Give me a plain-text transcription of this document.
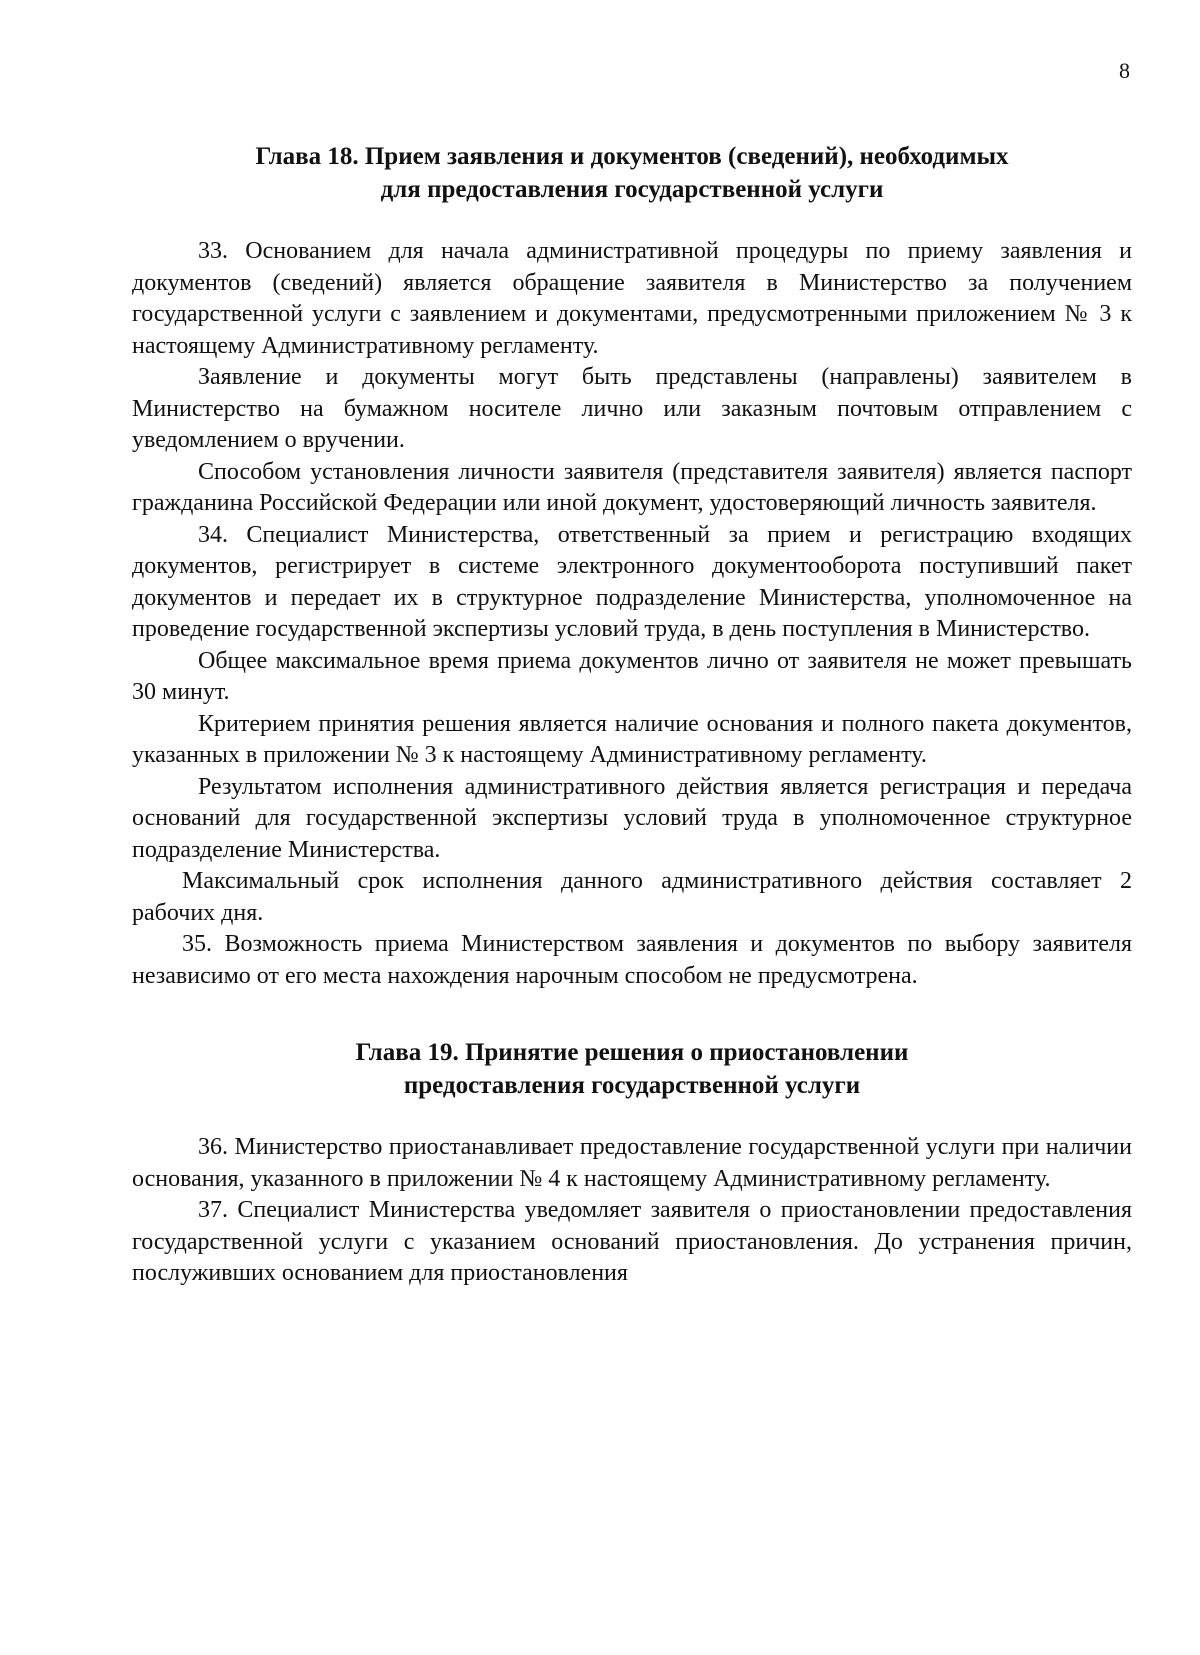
8
Глава 18. Прием заявления и документов (сведений), необходимых
для предоставления государственной услуги

33. Основанием для начала административной процедуры по приему заявления и документов (сведений) является обращение заявителя в Министерство за получением государственной услуги с заявлением и документами, предусмотренными приложением № 3 к настоящему Административному регламенту.

Заявление и документы могут быть представлены (направлены) заявителем в Министерство на бумажном носителе лично или заказным почтовым отправлением с уведомлением о вручении.

Способом установления личности заявителя (представителя заявителя) является паспорт гражданина Российской Федерации или иной документ, удостоверяющий личность заявителя.

34. Специалист Министерства, ответственный за прием и регистрацию входящих документов, регистрирует в системе электронного документооборота поступивший пакет документов и передает их в структурное подразделение Министерства, уполномоченное на проведение государственной экспертизы условий труда, в день поступления в Министерство.

Общее максимальное время приема документов лично от заявителя не может превышать 30 минут.

Критерием принятия решения является наличие основания и полного пакета документов, указанных в приложении № 3 к настоящему Административному регламенту.

Результатом исполнения административного действия является регистрация и передача оснований для государственной экспертизы условий труда в уполномоченное структурное подразделение Министерства.

Максимальный срок исполнения данного административного действия составляет 2 рабочих дня.

35. Возможность приема Министерством заявления и документов по выбору заявителя независимо от его места нахождения нарочным способом не предусмотрена.

Глава 19. Принятие решения о приостановлении
предоставления государственной услуги

36. Министерство приостанавливает предоставление государственной услуги при наличии основания, указанного в приложении № 4 к настоящему Административному регламенту.

37. Специалист Министерства уведомляет заявителя о приостановлении предоставления государственной услуги с указанием оснований приостановления. До устранения причин, послуживших основанием для приостановления
